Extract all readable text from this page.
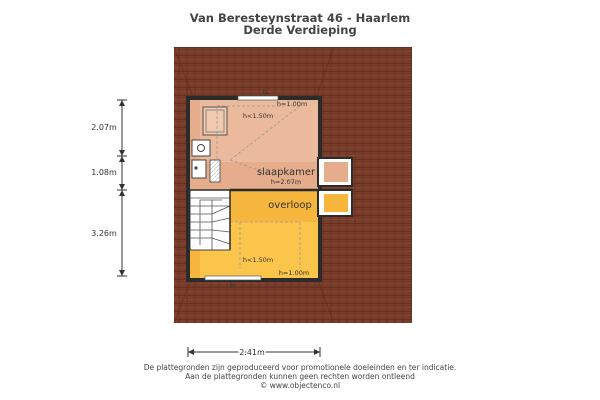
Van Beresteynstraat 46 - Haarlem
Derde Verdieping
slaapkamer
h=2.07m
overloop
h=1.00m
h<1.50m
h<1.50m
h=1.00m
b.
b.
2.07m
1.08m
3.26m
2.41m
De plattegronden zijn geproduceerd voor promotionele doeleinden en ter indicatie.
Aan de plattegronden kunnen geen rechten worden ontleend
© www.objectenco.nl
